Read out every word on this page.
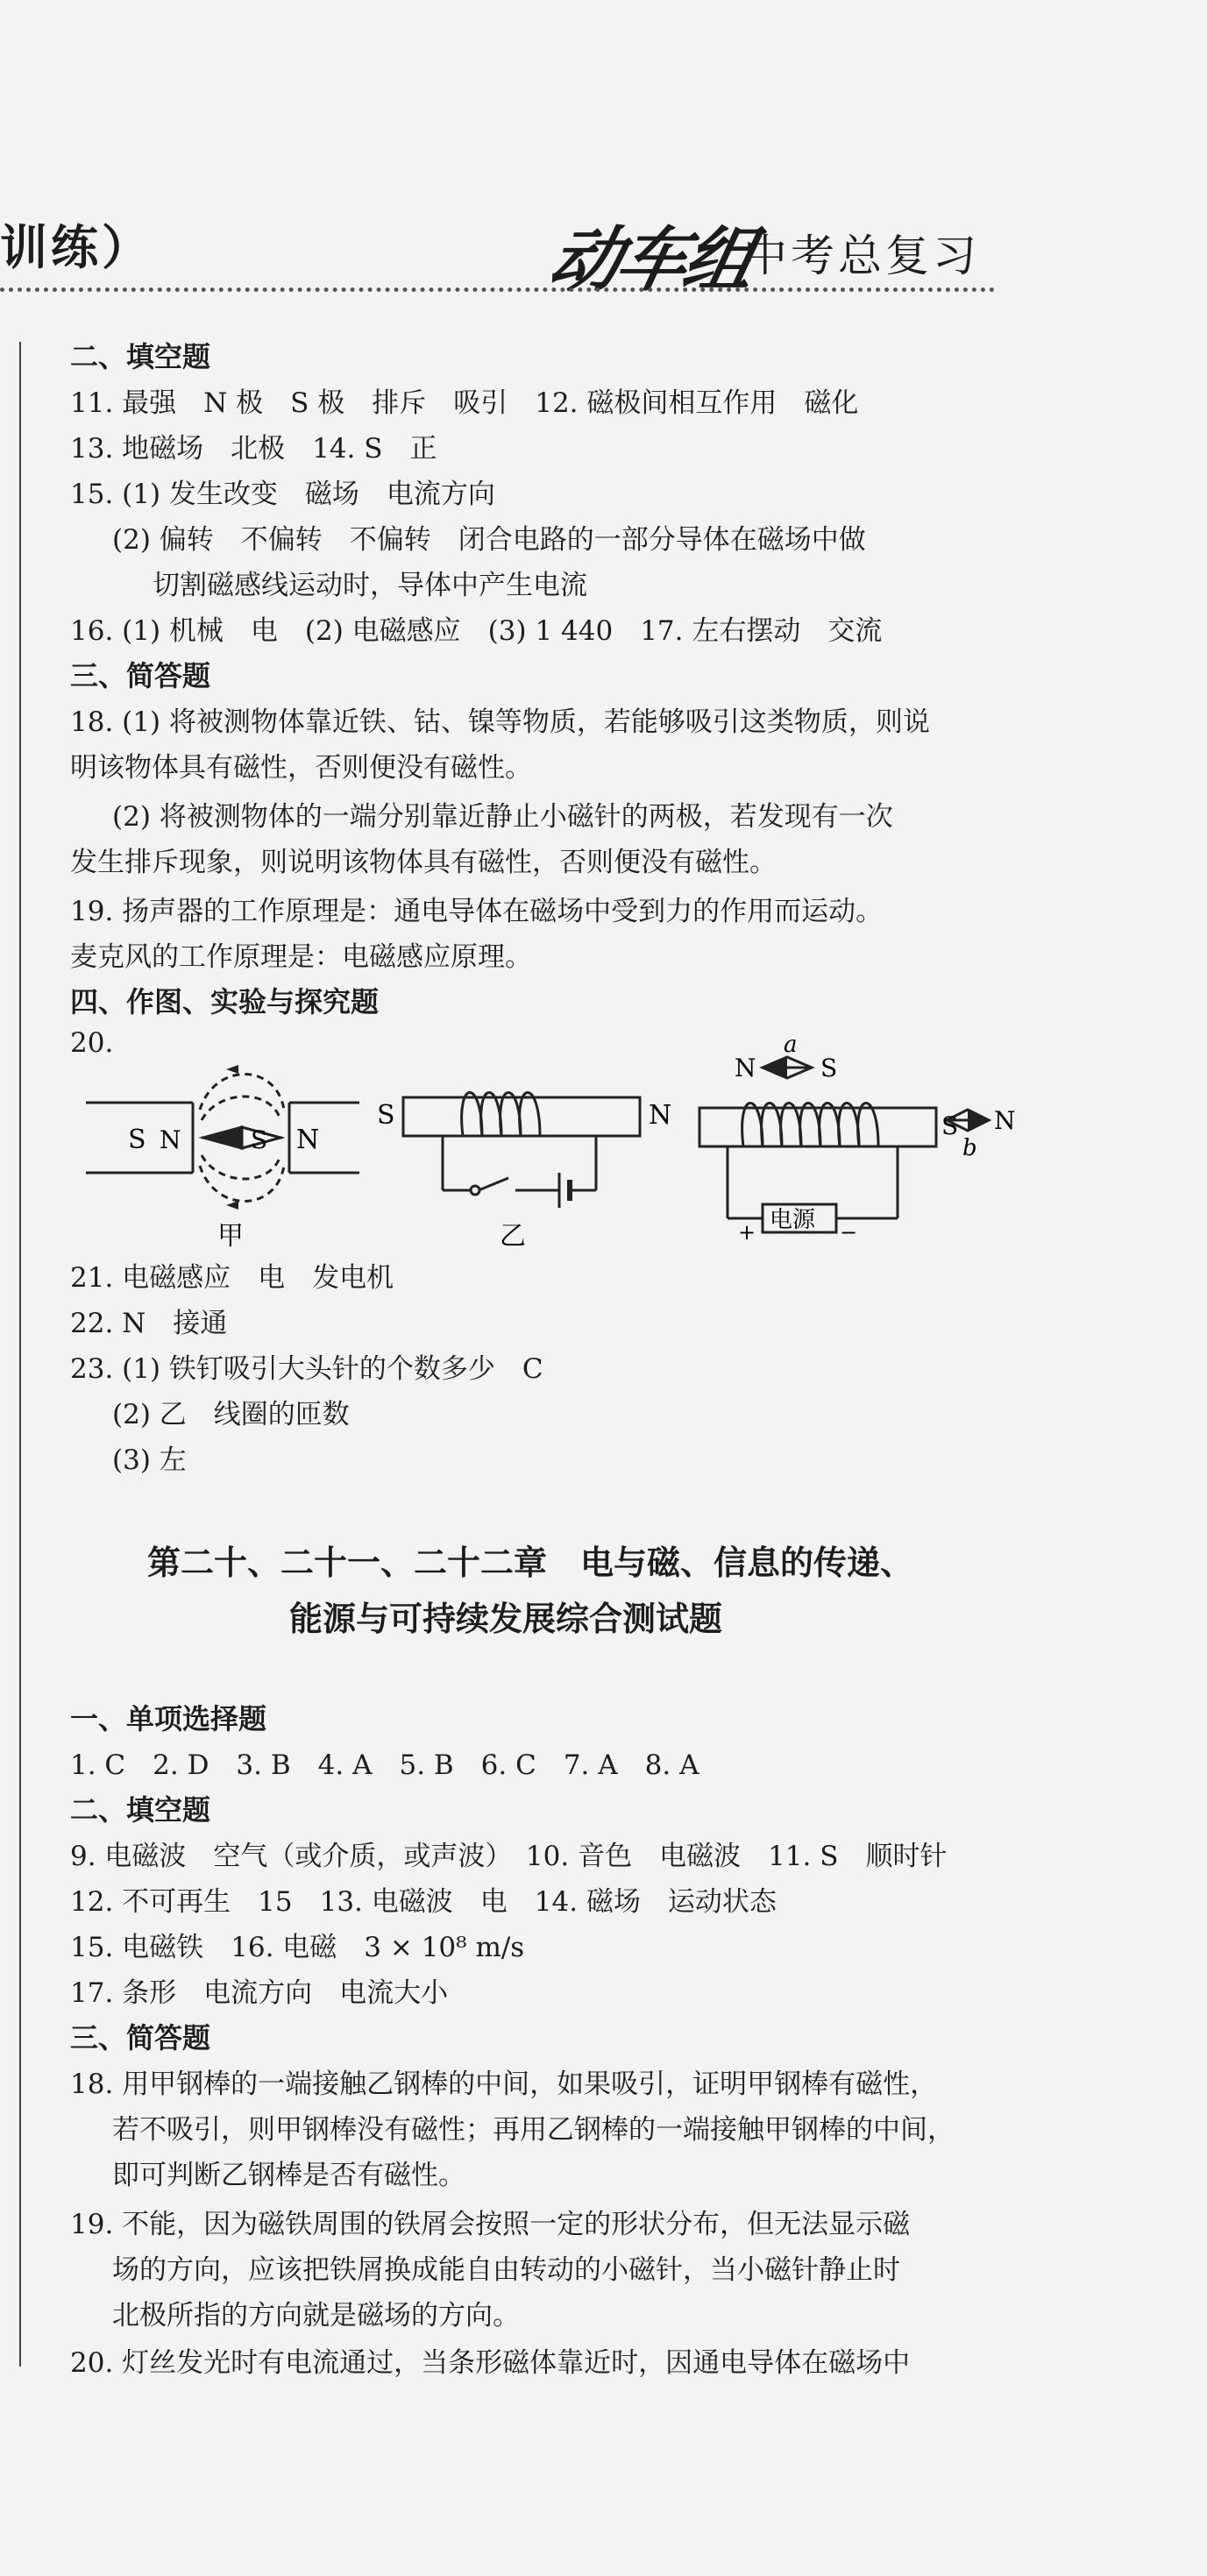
训练）	动车组
中考总复习
二、填空题
11. 最强　N 极　S 极　排斥　吸引　12. 磁极间相互作用　磁化
13. 地磁场　北极　14. S　正
15. (1) 发生改变　磁场　电流方向
(2) 偏转　不偏转　不偏转　闭合电路的一部分导体在磁场中做
切割磁感线运动时，导体中产生电流
16. (1) 机械　电　(2) 电磁感应　(3) 1 440　17. 左右摆动　交流
三、简答题
18. (1) 将被测物体靠近铁、钴、镍等物质，若能够吸引这类物质，则说
明该物体具有磁性，否则便没有磁性。
(2) 将被测物体的一端分别靠近静止小磁针的两极，若发现有一次
发生排斥现象，则说明该物体具有磁性，否则便没有磁性。
19. 扬声器的工作原理是：通电导体在磁场中受到力的作用而运动。
麦克风的工作原理是：电磁感应原理。
四、作图、实验与探究题
20.
S N	S N
甲
S	N
乙
a
N	S
S N
b
电源
+	−
21. 电磁感应　电　发电机
22. N　接通
23. (1) 铁钉吸引大头针的个数多少　C
(2) 乙　线圈的匝数
(3) 左
第二十、二十一、二十二章　电与磁、信息的传递、
能源与可持续发展综合测试题
一、单项选择题
1. C　2. D　3. B　4. A　5. B　6. C　7. A　8. A
二、填空题
9. 电磁波　空气（或介质，或声波）　10. 音色　电磁波　11. S　顺时针
12. 不可再生　15　13. 电磁波　电　14. 磁场　运动状态
15. 电磁铁　16. 电磁　3 × 10⁸ m/s
17. 条形　电流方向　电流大小
三、简答题
18. 用甲钢棒的一端接触乙钢棒的中间，如果吸引，证明甲钢棒有磁性，
若不吸引，则甲钢棒没有磁性；再用乙钢棒的一端接触甲钢棒的中间，
即可判断乙钢棒是否有磁性。
19. 不能，因为磁铁周围的铁屑会按照一定的形状分布，但无法显示磁
场的方向，应该把铁屑换成能自由转动的小磁针，当小磁针静止时
北极所指的方向就是磁场的方向。
20. 灯丝发光时有电流通过，当条形磁体靠近时，因通电导体在磁场中
